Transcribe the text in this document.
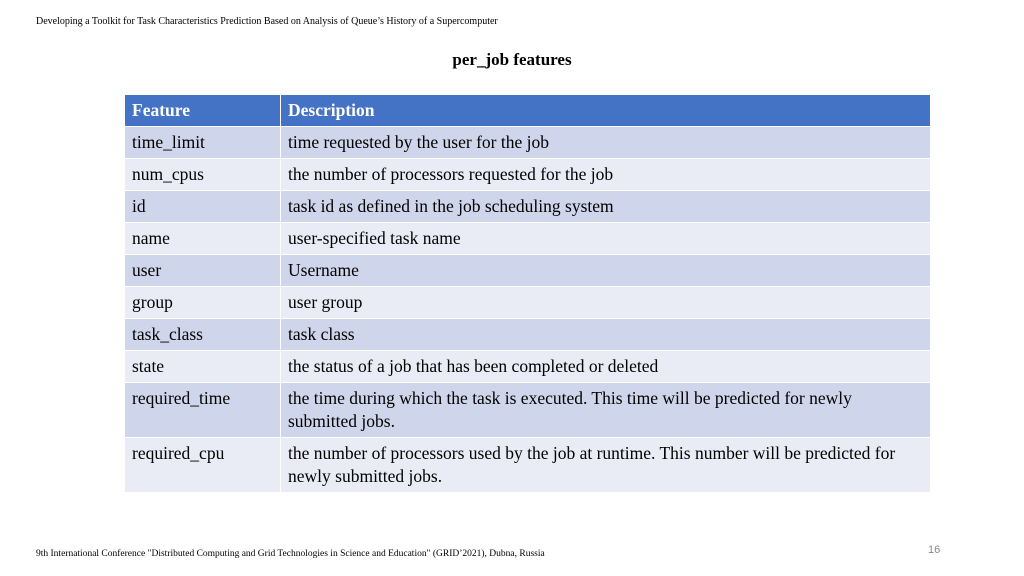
Developing a Toolkit for Task Characteristics Prediction Based on Analysis of Queue’s History of a Supercomputer
per_job features
Feature	Description
time_limit	time requested by the user for the job
num_cpus	the number of processors requested for the job
id	task id as defined in the job scheduling system
name	user-specified task name
user	Username
group	user group
task_class	task class
state	the status of a job that has been completed or deleted
required_time	the time during which the task is executed. This time will be predicted for newly submitted jobs.
required_cpu	the number of processors used by the job at runtime. This number will be predicted for newly submitted jobs.
9th International Conference "Distributed Computing and Grid Technologies in Science and Education" (GRID’2021), Dubna, Russia	16
